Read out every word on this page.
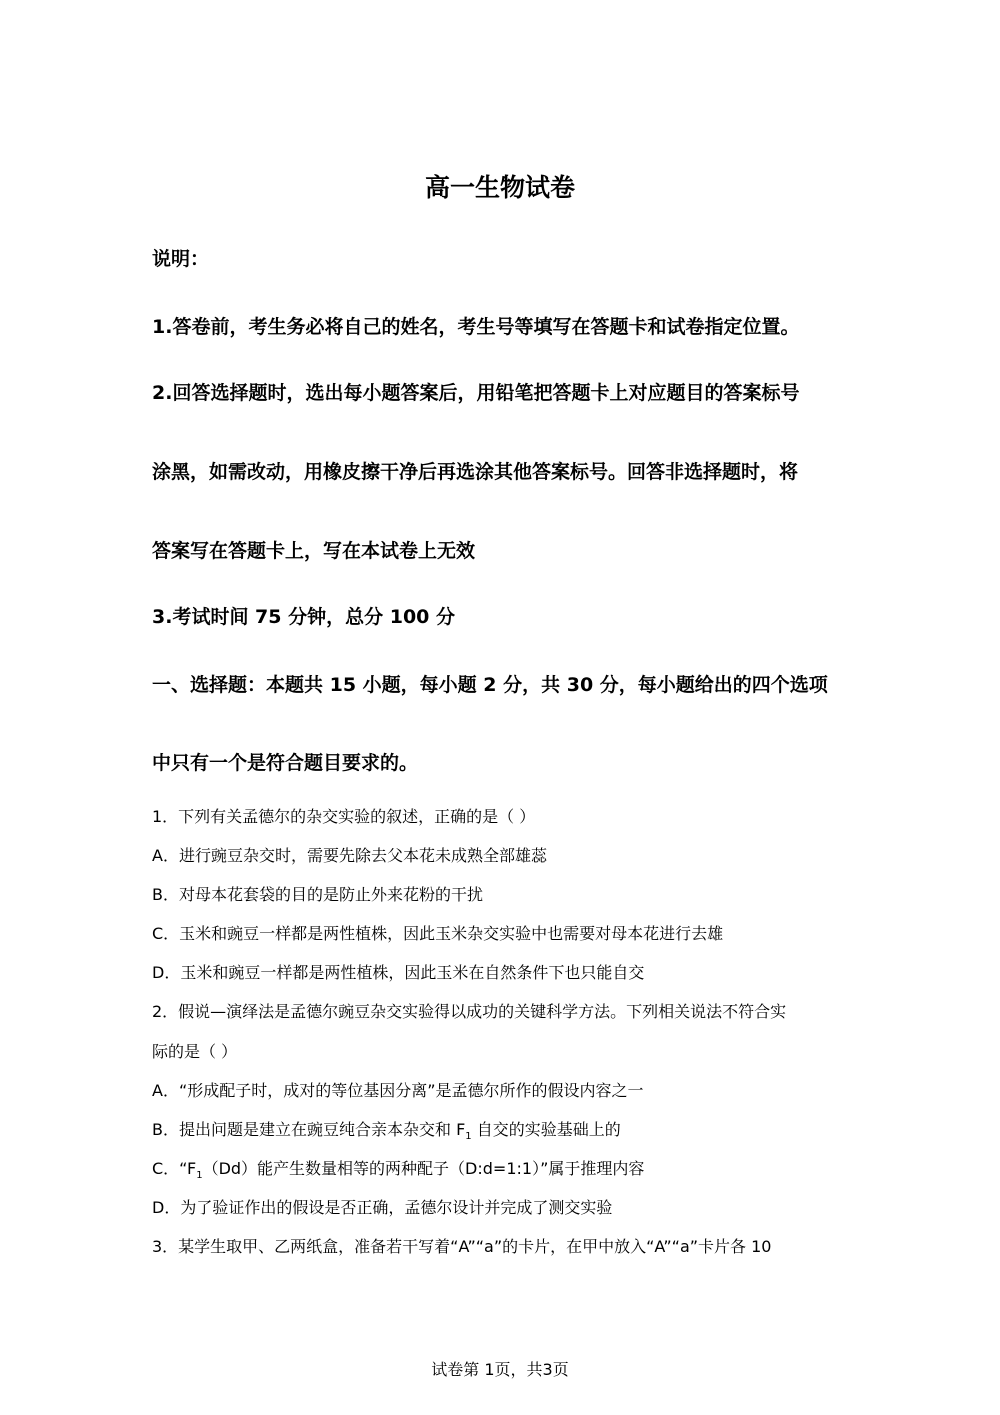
高一生物试卷

说明：

1.答卷前，考生务必将自己的姓名，考生号等填写在答题卡和试卷指定位置。

2.回答选择题时，选出每小题答案后，用铅笔把答题卡上对应题目的答案标号

涂黑，如需改动，用橡皮擦干净后再选涂其他答案标号。回答非选择题时，将

答案写在答题卡上，写在本试卷上无效

3.考试时间 75 分钟，总分 100 分

一、选择题：本题共 15 小题，每小题 2 分，共 30 分，每小题给出的四个选项

中只有一个是符合题目要求的。

1．下列有关孟德尔的杂交实验的叙述，正确的是（ ）

A．进行豌豆杂交时，需要先除去父本花未成熟全部雄蕊

B．对母本花套袋的目的是防止外来花粉的干扰

C．玉米和豌豆一样都是两性植株，因此玉米杂交实验中也需要对母本花进行去雄

D．玉米和豌豆一样都是两性植株，因此玉米在自然条件下也只能自交

2．假说—演绎法是孟德尔豌豆杂交实验得以成功的关键科学方法。下列相关说法不符合实

际的是（ ）

A．“形成配子时，成对的等位基因分离”是孟德尔所作的假设内容之一

B．提出问题是建立在豌豆纯合亲本杂交和 $F_1$ 自交的实验基础上的

C．“$F_1(Dd)$能产生数量相等的两种配子（D:d=1:1）”属于推理内容

D．为了验证作出的假设是否正确，孟德尔设计并完成了测交实验

3．某学生取甲、乙两纸盒，准备若干写着“A”“a”的卡片，在甲中放入“A”“a”卡片各 10

试卷第 1页，共3页
